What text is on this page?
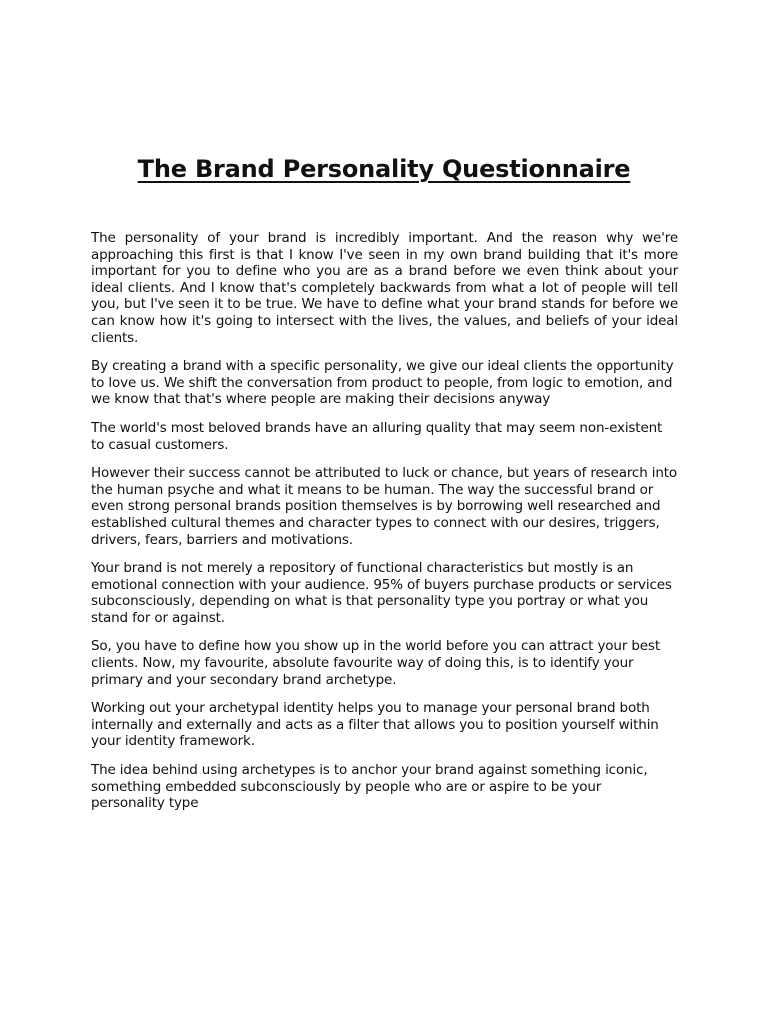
The Brand Personality Questionnaire

The personality of your brand is incredibly important. And the reason why we're approaching this first is that I know I've seen in my own brand building that it's more important for you to define who you are as a brand before we even think about your ideal clients. And I know that's completely backwards from what a lot of people will tell you, but I've seen it to be true. We have to define what your brand stands for before we can know how it's going to intersect with the lives, the values, and beliefs of your ideal clients.

By creating a brand with a specific personality, we give our ideal clients the opportunity to love us. We shift the conversation from product to people, from logic to emotion, and we know that that's where people are making their decisions anyway

The world's most beloved brands have an alluring quality that may seem non-existent to casual customers.

However their success cannot be attributed to luck or chance, but years of research into the human psyche and what it means to be human. The way the successful brand or even strong personal brands position themselves is by borrowing well researched and established cultural themes and character types to connect with our desires, triggers, drivers, fears, barriers and motivations.

Your brand is not merely a repository of functional characteristics but mostly is an emotional connection with your audience. 95% of buyers purchase products or services subconsciously, depending on what is that personality type you portray or what you stand for or against.

So, you have to define how you show up in the world before you can attract your best clients. Now, my favourite, absolute favourite way of doing this, is to identify your primary and your secondary brand archetype.

Working out your archetypal identity helps you to manage your personal brand both internally and externally and acts as a filter that allows you to position yourself within your identity framework.

The idea behind using archetypes is to anchor your brand against something iconic, something embedded subconsciously by people who are or aspire to be your personality type
